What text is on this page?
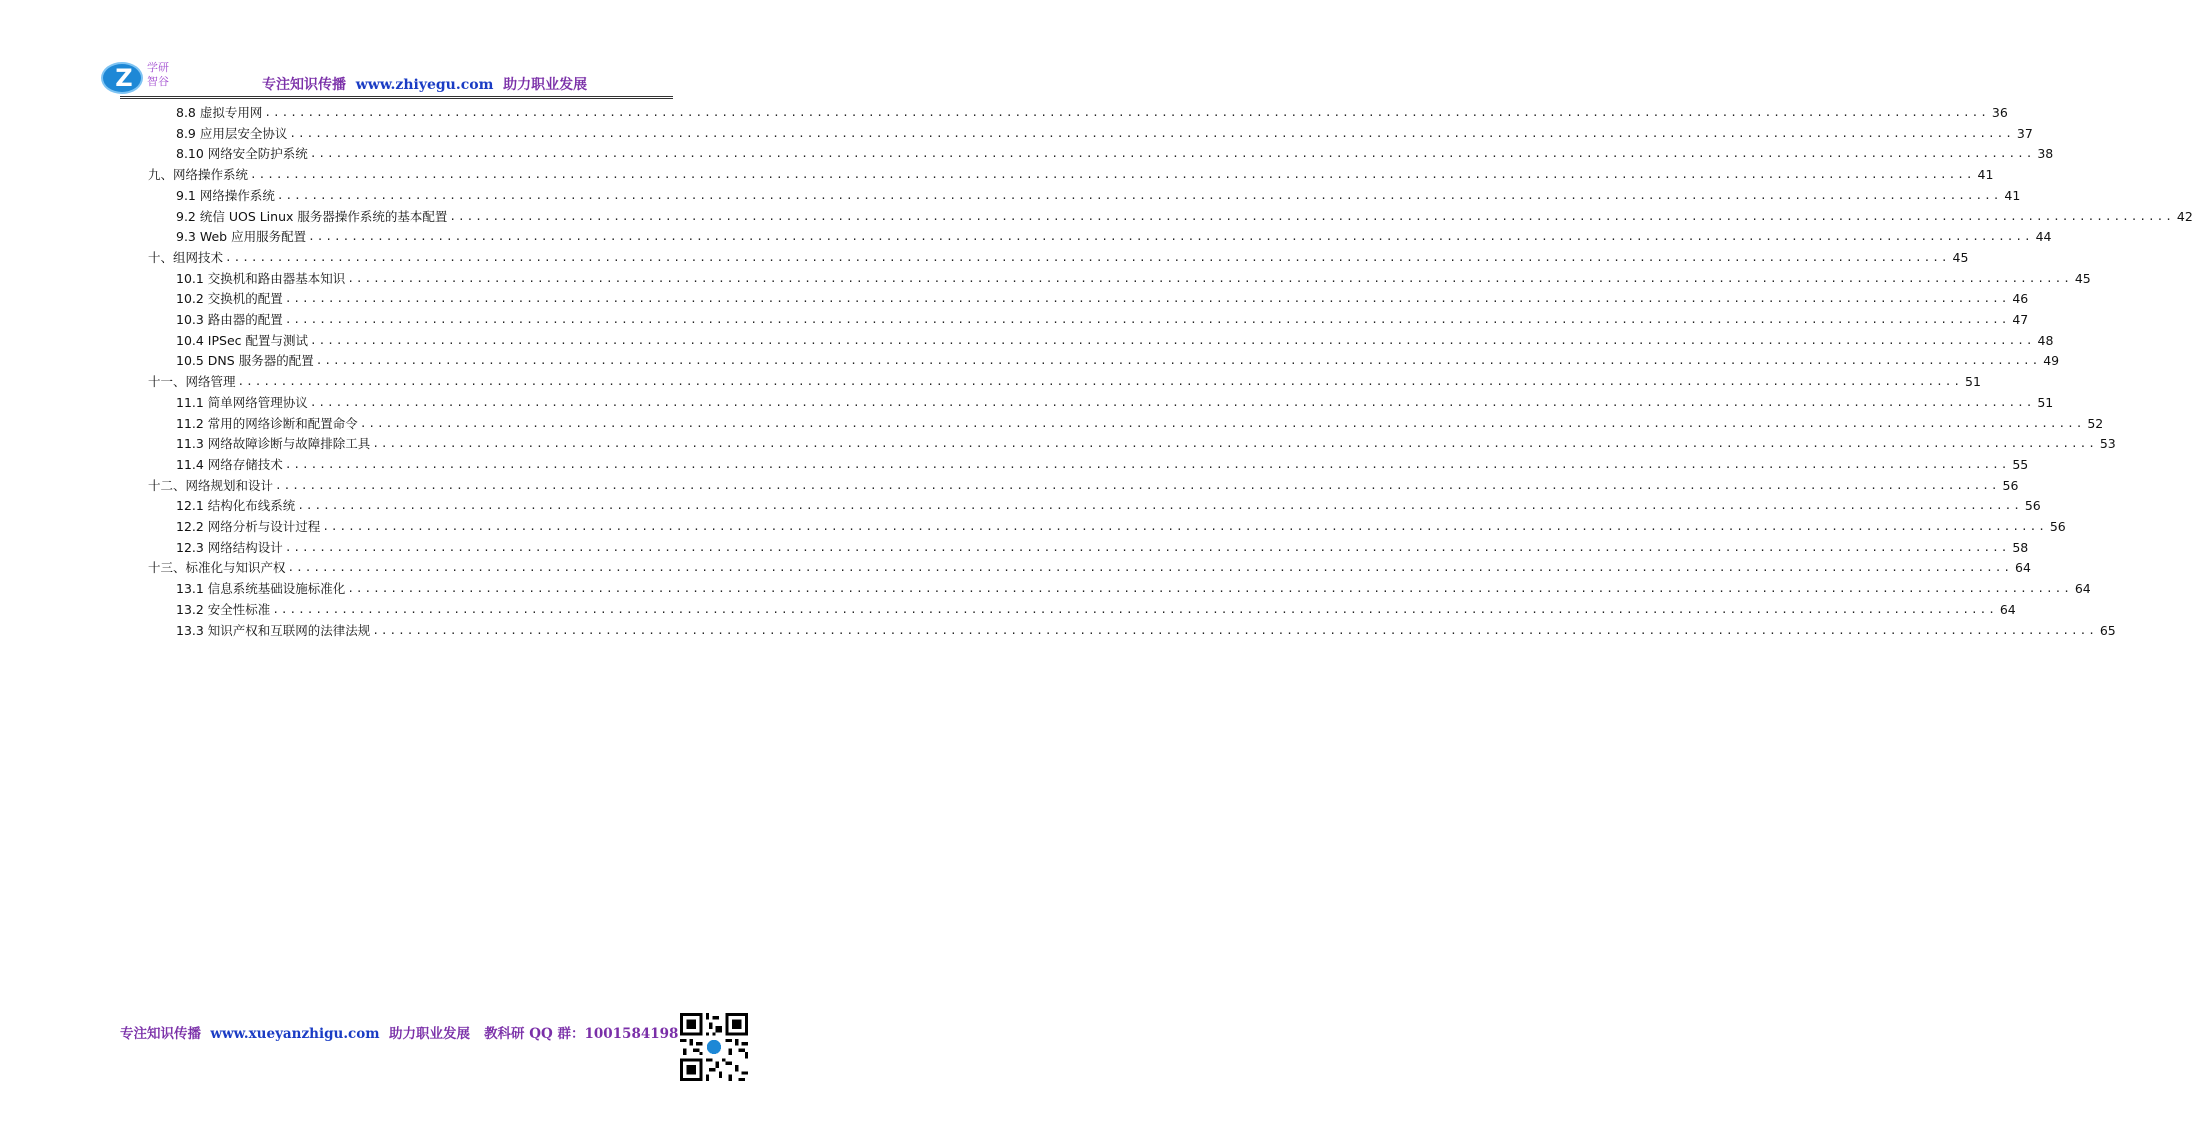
Z 学研
智谷	专注知识传播 www.zhiyegu.com 助力职业发展
8.8 虚拟专用网 ........................................................................................................................................................................................................ 36
8.9 应用层安全协议 ........................................................................................................................................................................................................ 37
8.10 网络安全防护系统 ........................................................................................................................................................................................................ 38
九、网络操作系统 ........................................................................................................................................................................................................ 41
9.1 网络操作系统 ........................................................................................................................................................................................................ 41
9.2 统信 UOS Linux 服务器操作系统的基本配置 ........................................................................................................................................................................................................ 42
9.3 Web 应用服务配置 ........................................................................................................................................................................................................ 44
十、组网技术 ........................................................................................................................................................................................................ 45
10.1 交换机和路由器基本知识 ........................................................................................................................................................................................................ 45
10.2 交换机的配置 ........................................................................................................................................................................................................ 46
10.3 路由器的配置 ........................................................................................................................................................................................................ 47
10.4 IPSec 配置与测试 ........................................................................................................................................................................................................ 48
10.5 DNS 服务器的配置 ........................................................................................................................................................................................................ 49
十一、网络管理 ........................................................................................................................................................................................................ 51
11.1 简单网络管理协议 ........................................................................................................................................................................................................ 51
11.2 常用的网络诊断和配置命令 ........................................................................................................................................................................................................ 52
11.3 网络故障诊断与故障排除工具 ........................................................................................................................................................................................................ 53
11.4 网络存储技术 ........................................................................................................................................................................................................ 55
十二、网络规划和设计 ........................................................................................................................................................................................................ 56
12.1 结构化布线系统 ........................................................................................................................................................................................................ 56
12.2 网络分析与设计过程 ........................................................................................................................................................................................................ 56
12.3 网络结构设计 ........................................................................................................................................................................................................ 58
十三、标准化与知识产权 ........................................................................................................................................................................................................ 64
13.1 信息系统基础设施标准化 ........................................................................................................................................................................................................ 64
13.2 安全性标准 ........................................................................................................................................................................................................ 64
13.3 知识产权和互联网的法律法规 ........................................................................................................................................................................................................ 65
专注知识传播 www.xueyanzhigu.com 助力职业发展 教科研 QQ 群：1001584198
